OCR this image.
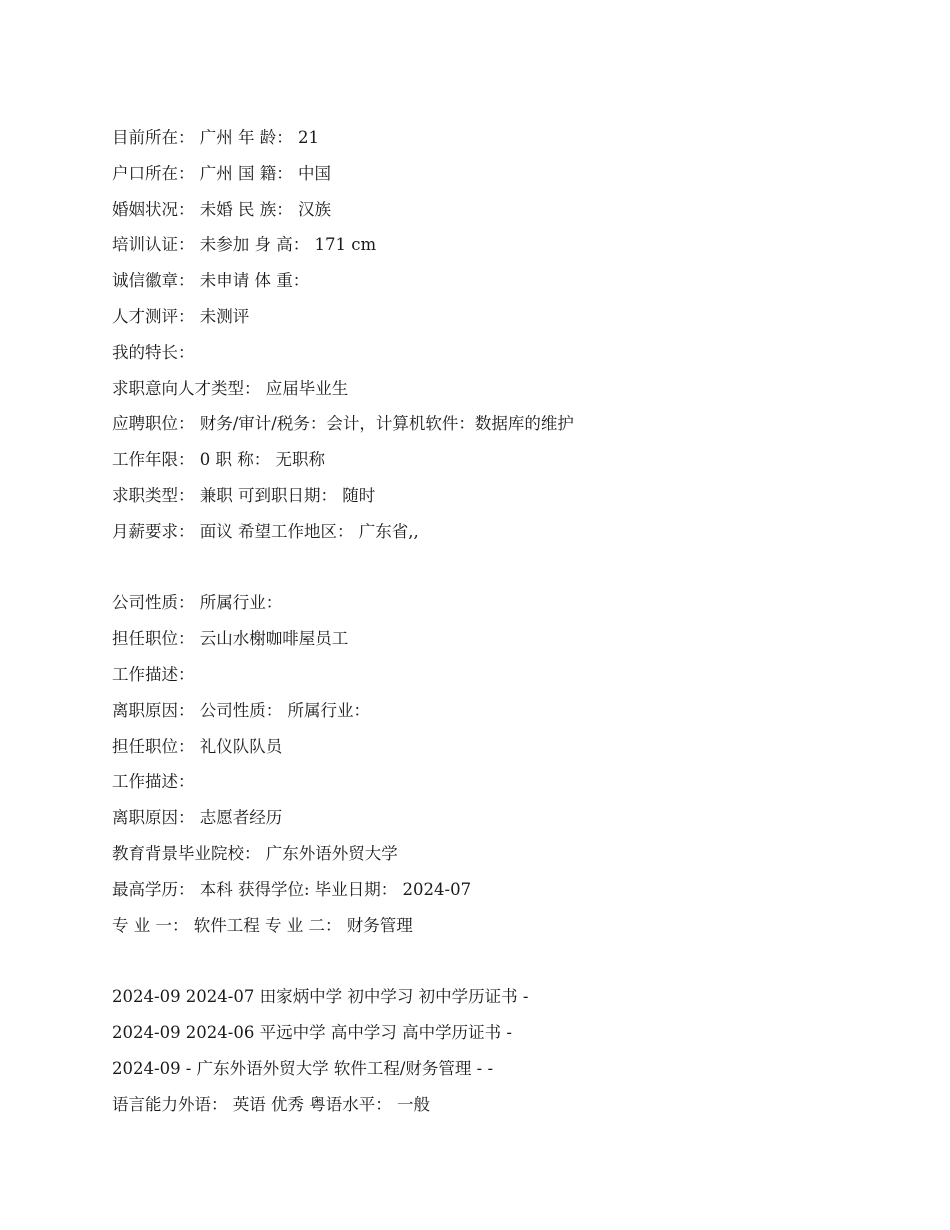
目前所在： 广州 年 龄： 21
户口所在： 广州 国 籍： 中国
婚姻状况： 未婚 民 族： 汉族
培训认证： 未参加 身 高： 171 cm
诚信徽章： 未申请 体 重：
人才测评： 未测评
我的特长：
求职意向人才类型： 应届毕业生
应聘职位： 财务/审计/税务：会计，计算机软件：数据库的维护
工作年限： 0 职 称： 无职称
求职类型： 兼职 可到职日期： 随时
月薪要求： 面议 希望工作地区： 广东省,,
公司性质： 所属行业：
担任职位： 云山水榭咖啡屋员工
工作描述：
离职原因： 公司性质： 所属行业：
担任职位： 礼仪队队员
工作描述：
离职原因： 志愿者经历
教育背景毕业院校： 广东外语外贸大学
最高学历： 本科 获得学位: 毕业日期： 2024-07
专 业 一： 软件工程 专 业 二： 财务管理
2024-09 2024-07 田家炳中学 初中学习 初中学历证书 -
2024-09 2024-06 平远中学 高中学习 高中学历证书 -
2024-09 - 广东外语外贸大学 软件工程/财务管理 - -
语言能力外语： 英语 优秀 粤语水平： 一般
